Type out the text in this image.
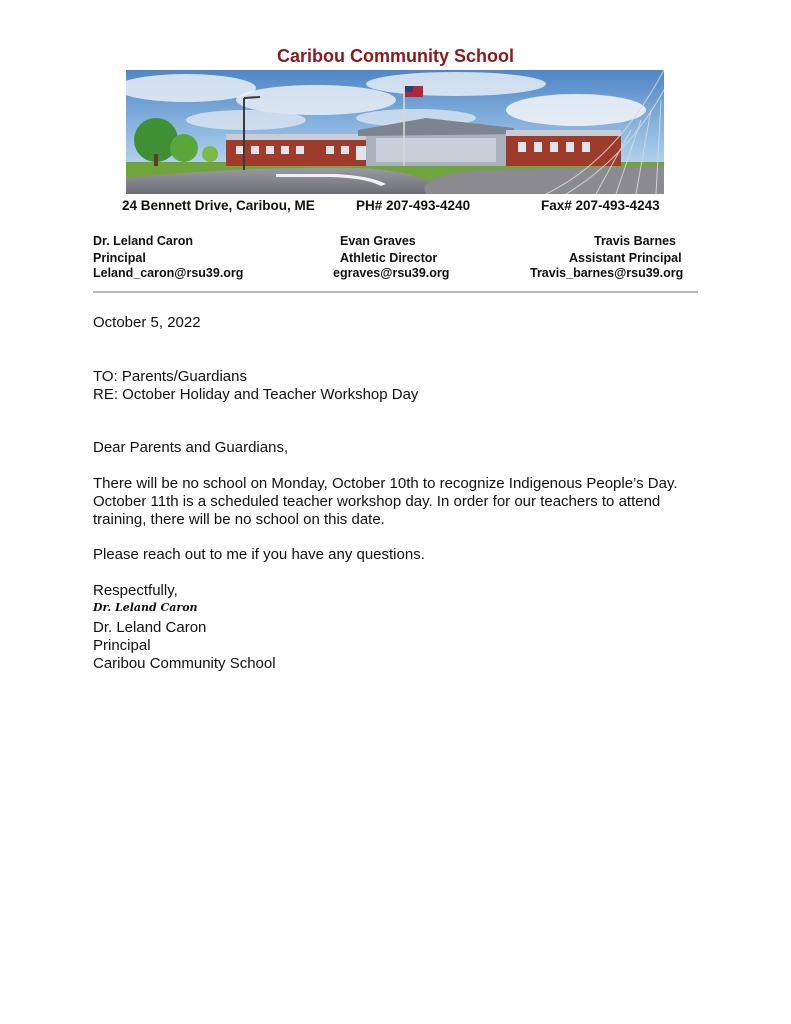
Caribou Community School
24 Bennett Drive, Caribou, ME	PH# 207-493-4240	Fax# 207-493-4243
Dr. Leland Caron
Principal
Leland_caron@rsu39.org
Evan Graves
Athletic Director
egraves@rsu39.org
Travis Barnes
Assistant Principal
Travis_barnes@rsu39.org
October 5, 2022
TO: Parents/Guardians
RE: October Holiday and Teacher Workshop Day
Dear Parents and Guardians,
There will be no school on Monday, October 10th to recognize Indigenous People’s Day. October 11th is a scheduled teacher workshop day. In order for our teachers to attend training, there will be no school on this date.
Please reach out to me if you have any questions.
Respectfully,
Dr. Leland Caron
Dr. Leland Caron
Principal
Caribou Community School
